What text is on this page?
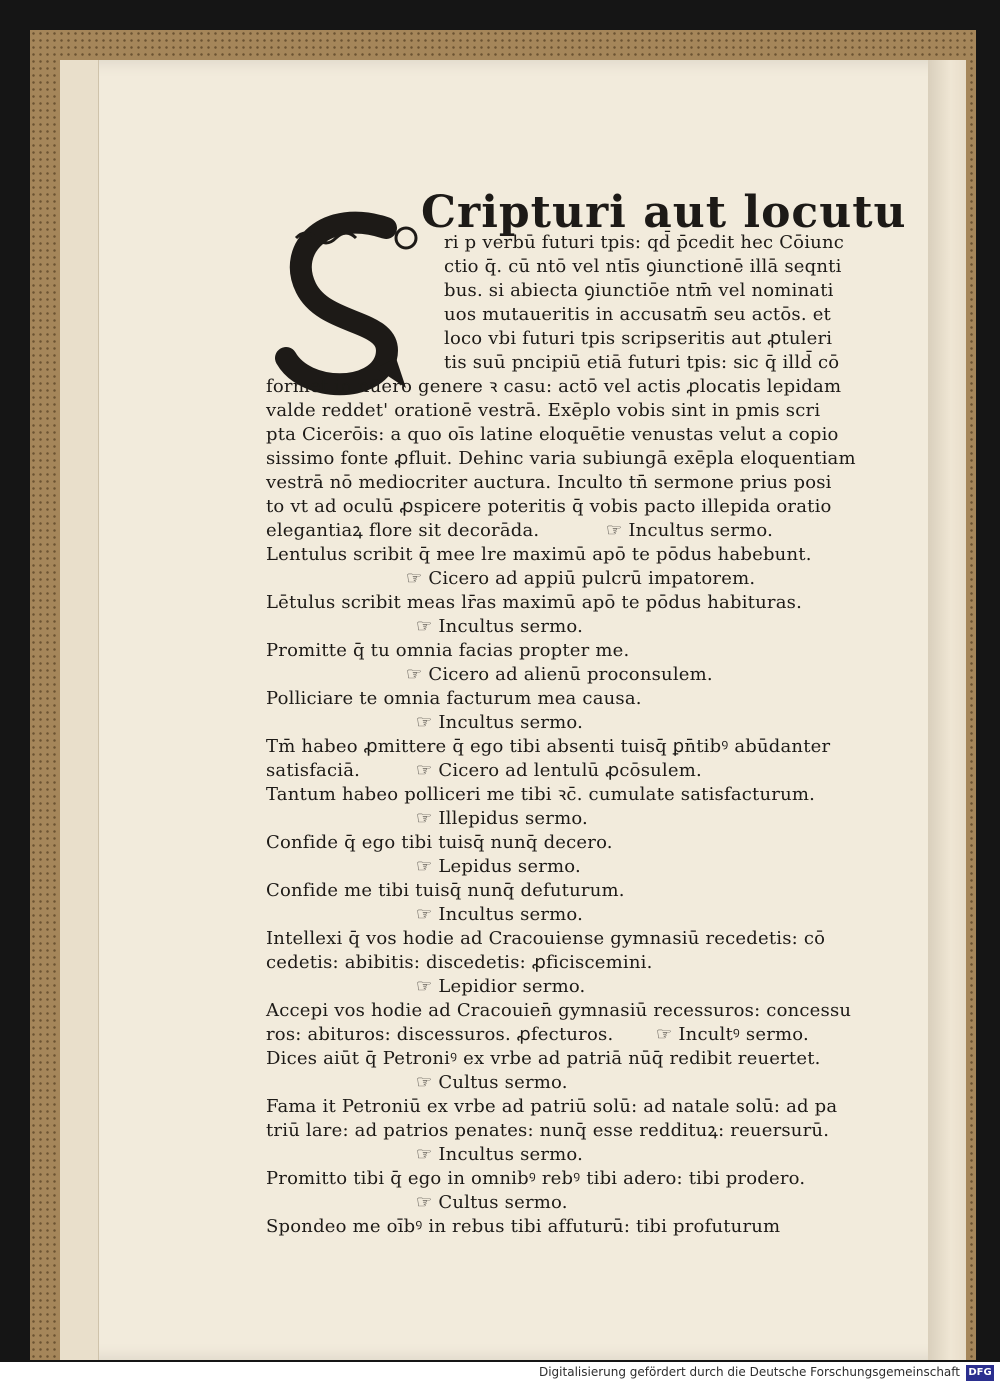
Cripturi aut locutu
ri p verbū futuri tpis: qd̄ p̄cedit hec Cōiunc
ctio q̄. cū ntō vel ntīs ꝯiunctionē illā seqnti
bus. si abiecta ꝯiunctiōe ntm̄ vel nominati
uos mutaueritis in accusatm̄ seu actōs. et
loco vbi futuri tpis scripseritis aut ꝓtuleri
tis suū pncipiū etiā futuri tpis: sic q̄ illd̄ cō
formet in nūero genere ꝛ casu: actō vel actis ꝓlocatis lepidam
valde reddet' orationē vestrā. Exēplo vobis sint in pmis scri
pta Cicerōis: a quo oīs latine eloquētie venustas velut a copio
sissimo fonte ꝓfluit. Dehinc varia subiungā exēpla eloquentiam
vestrā nō mediocriter auctura. Inculto tn̄ sermone prius posi
to vt ad oculū ꝓspicere poteritis q̄ vobis pacto illepida oratio
elegantiaꝝ flore sit decorāda.	☞ Incultus sermo.
Lentulus scribit q̄ mee lre maximū apō te pōdus habebunt.
☞ Cicero ad appiū pulcrū impatorem.
Lētulus scribit meas lr̄as maximū apō te pōdus habituras.
☞ Incultus sermo.
Promitte q̄ tu omnia facias propter me.
☞ Cicero ad alienū proconsulem.
Polliciare te omnia facturum mea causa.
☞ Incultus sermo.
Tm̄ habeo ꝓmittere q̄ ego tibi absenti tuisq̄ ꝑn̄tibꝰ abūdanter
satisfaciā.	☞ Cicero ad lentulū ꝓcōsulem.
Tantum habeo polliceri me tibi ꝛc̄. cumulate satisfacturum.
☞ Illepidus sermo.
Confide q̄ ego tibi tuisq̄ nunq̄ decero.
☞ Lepidus sermo.
Confide me tibi tuisq̄ nunq̄ defuturum.
☞ Incultus sermo.
Intellexi q̄ vos hodie ad Cracouiense gymnasiū recedetis: cō
cedetis: abibitis: discedetis: ꝓficiscemini.
☞ Lepidior sermo.
Accepi vos hodie ad Cracouien̄ gymnasiū recessuros: concessu
ros: abituros: discessuros. ꝓfecturos. ☞ Incultꝰ sermo.
Dices aiūt q̄ Petroniꝰ ex vrbe ad patriā nūq̄ redibit reuertet.
☞ Cultus sermo.
Fama it Petroniū ex vrbe ad patriū solū: ad natale solū: ad pa
triū lare: ad patrios penates: nunq̄ esse reddituꝝ: reuersurū.
☞ Incultus sermo.
Promitto tibi q̄ ego in omnibꝰ rebꝰ tibi adero: tibi prodero.
☞ Cultus sermo.
Spondeo me oībꝰ in rebus tibi affuturū: tibi profuturum
Digitalisierung gefördert durch die Deutsche Forschungsgemeinschaft DFG
